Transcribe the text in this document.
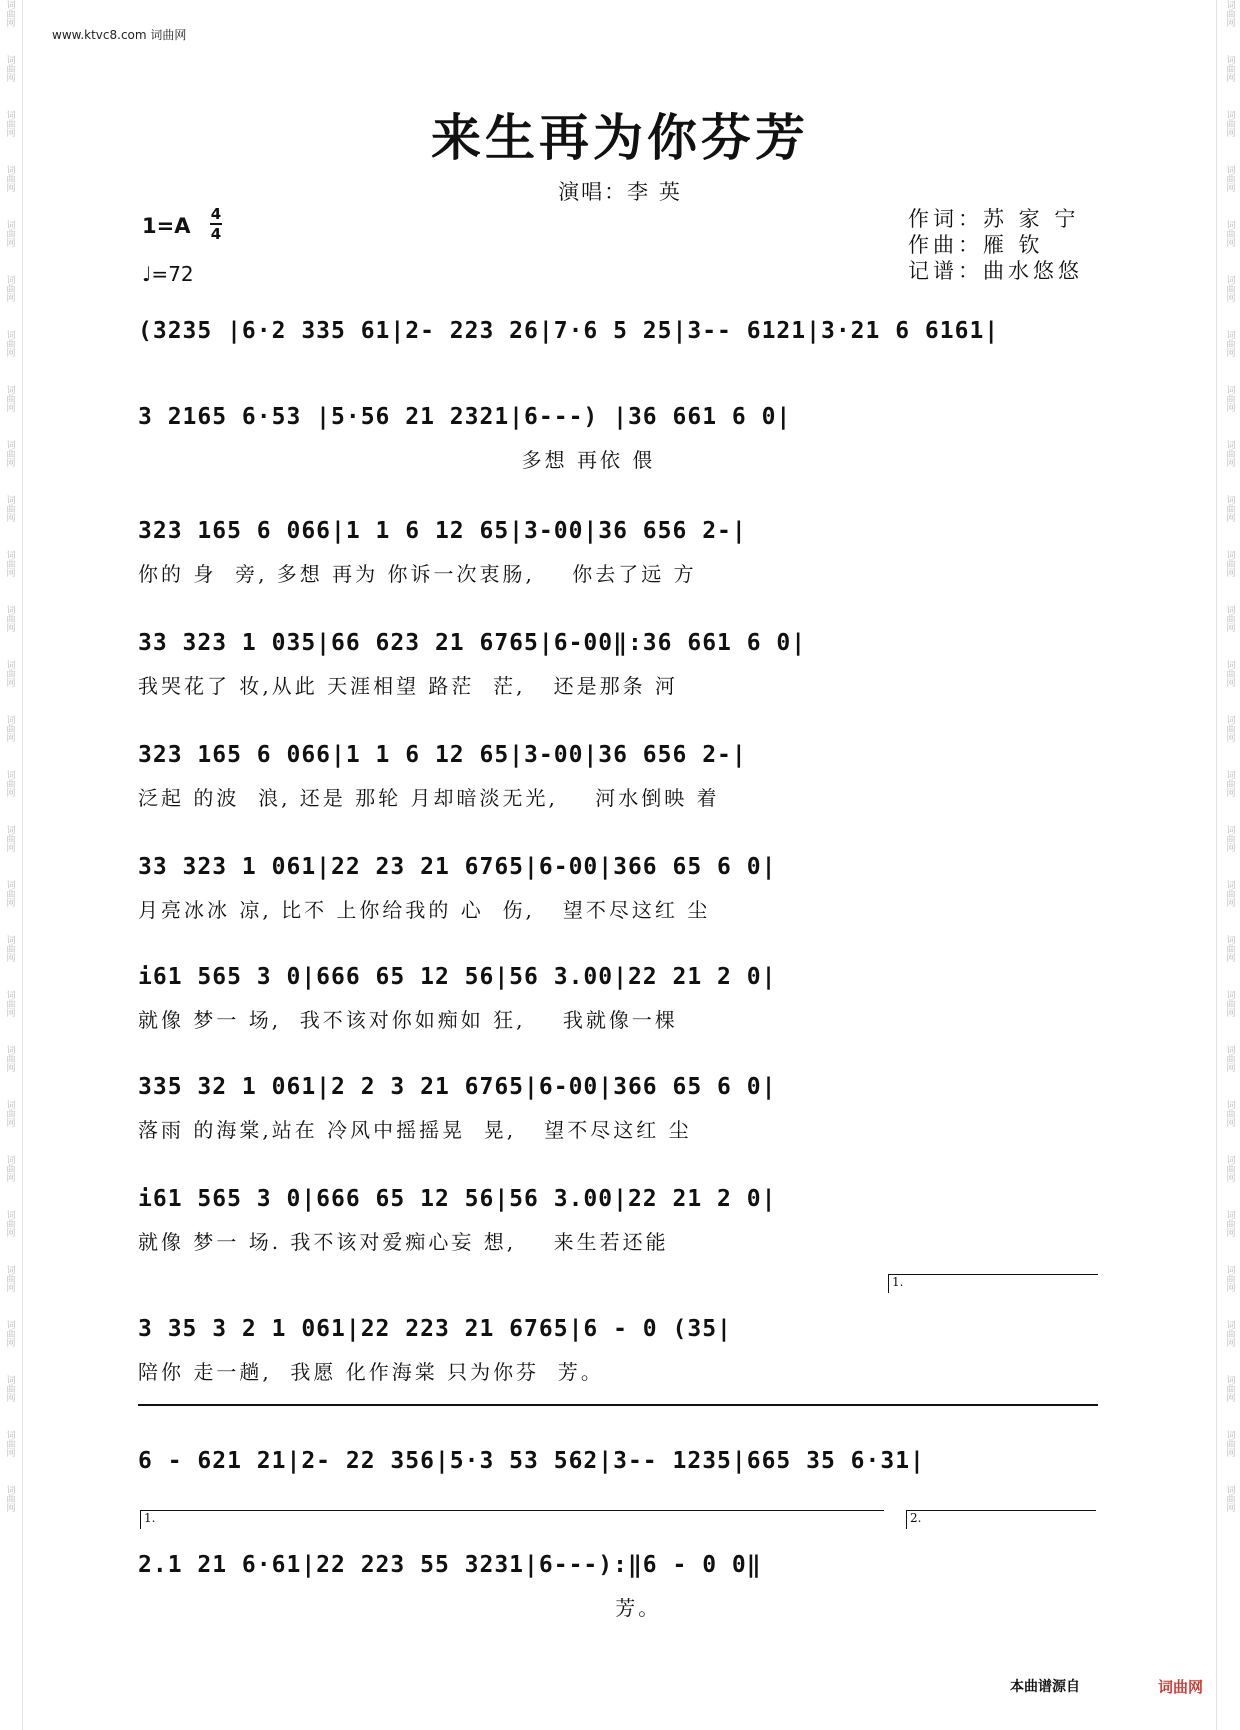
词曲网
词曲网
词曲网
词曲网
词曲网
词曲网
词曲网
词曲网
词曲网
词曲网
词曲网
词曲网
词曲网
词曲网
词曲网
词曲网
词曲网
词曲网
词曲网
词曲网
词曲网
词曲网
词曲网
词曲网
词曲网
词曲网
词曲网
词曲网
词曲网
词曲网
词曲网
词曲网
词曲网
词曲网
词曲网
词曲网
词曲网
词曲网
词曲网
词曲网
词曲网
词曲网
词曲网
词曲网
词曲网
词曲网
词曲网
词曲网
词曲网
词曲网
词曲网
词曲网
词曲网
词曲网
词曲网
词曲网
www.ktvc8.com 词曲网
来生再为你芬芳
演唱：李 英
1=A 4
4
♩=72
作词：苏 家 宁
作曲：雁 钦
记谱：曲水悠悠
(3235 |6·2 335 61|2- 223 26|7·6 5 25|3-- 6121|3·21 6 6161|
3 2165 6·53 |5·56 21 2321|6---) |36 661 6 0|
多想 再依 偎
323 165 6 066|1 1 6 12 65|3-00|36 656 2-|
你的 身  旁, 多想 再为 你诉一次衷肠,    你去了远 方
33 323 1 035|66 623 21 6765|6-00‖:36 661 6 0|
我哭花了 妆,从此 天涯相望 路茫  茫,   还是那条 河
323 165 6 066|1 1 6 12 65|3-00|36 656 2-|
泛起 的波  浪, 还是 那轮 月却暗淡无光,    河水倒映 着
33 323 1 061|22 23 21 6765|6-00|366 65 6 0|
月亮冰冰 凉, 比不 上你给我的 心  伤,   望不尽这红 尘
i61 565 3 0|666 65 12 56|56 3.00|22 21 2 0|
就像 梦一 场,  我不该对你如痴如 狂,    我就像一棵
335 32 1 061|2 2 3 21 6765|6-00|366 65 6 0|
落雨 的海棠,站在 冷风中摇摇晃  晃,   望不尽这红 尘
i61 565 3 0|666 65 12 56|56 3.00|22 21 2 0|
就像 梦一 场. 我不该对爱痴心妄 想,    来生若还能
1.
3 35 3 2 1 061|22 223 21 6765|6 - 0 (35|
陪你 走一趟,  我愿 化作海棠 只为你芬  芳。
6 - 621 21|2- 22 356|5·3 53 562|3-- 1235|665 35 6·31|
1.	2.
2.1 21 6·61|22 223 55 3231|6---):‖6 - 0 0‖
芳。
本曲谱源自	词曲网
